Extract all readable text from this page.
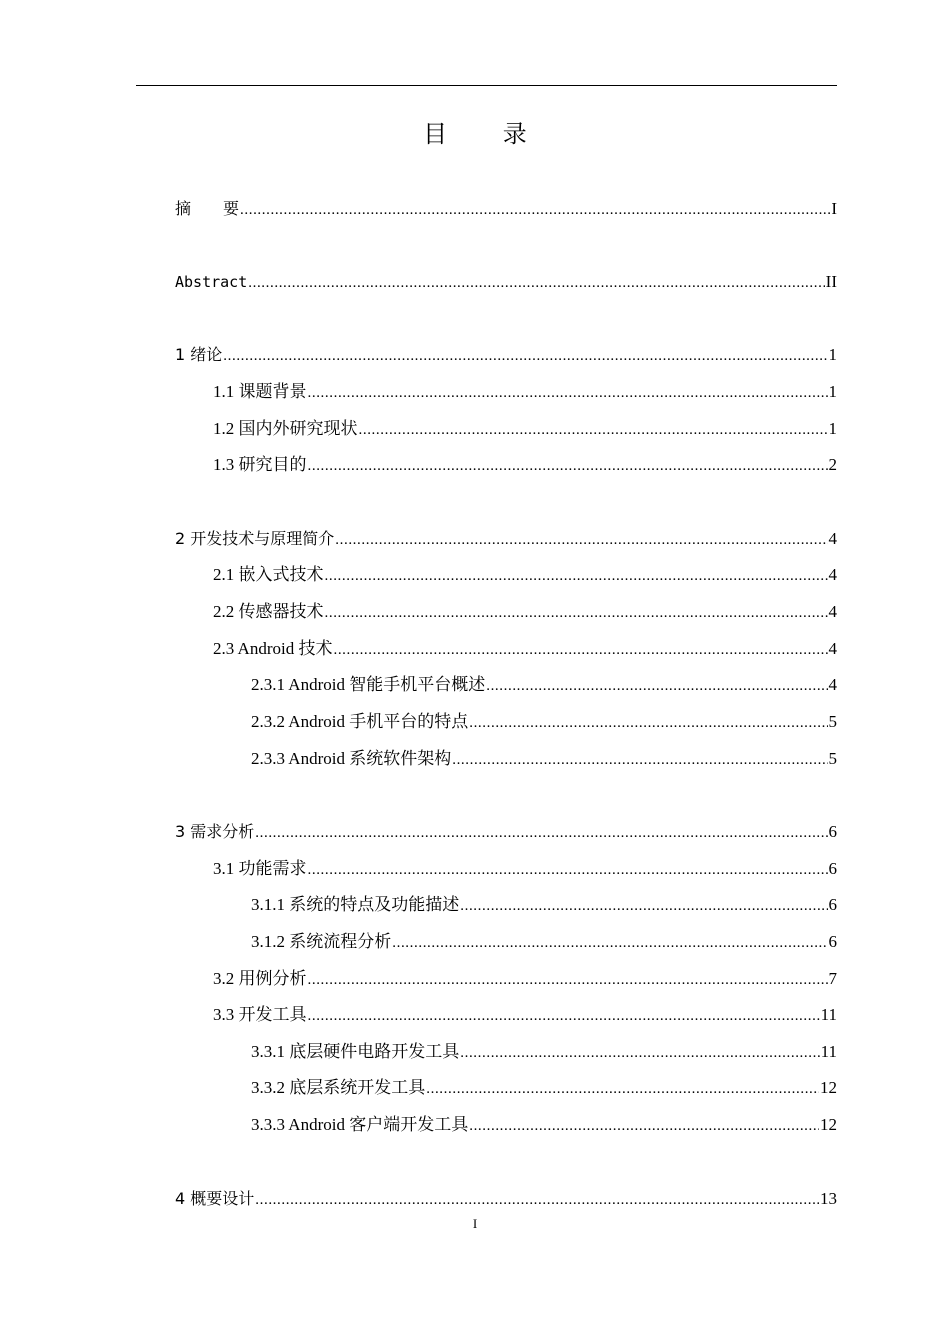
目 录
摘　　要 .....	I
Abstract .....	II
1 绪论 .....	1
1.1 课题背景 .....	1
1.2 国内外研究现状 .....	1
1.3 研究目的 .....	2
2 开发技术与原理简介 .....	4
2.1 嵌入式技术 .....	4
2.2 传感器技术 .....	4
2.3 Android 技术 .....	4
2.3.1 Android 智能手机平台概述 .....	4
2.3.2 Android 手机平台的特点 .....	5
2.3.3 Android 系统软件架构 .....	5
3 需求分析 .....	6
3.1 功能需求 .....	6
3.1.1 系统的特点及功能描述 .....	6
3.1.2 系统流程分析 .....	6
3.2 用例分析 .....	7
3.3 开发工具 .....	11
3.3.1 底层硬件电路开发工具 .....	11
3.3.2 底层系统开发工具 .....	12
3.3.3 Android 客户端开发工具 .....	12
4 概要设计 .....	13
I
